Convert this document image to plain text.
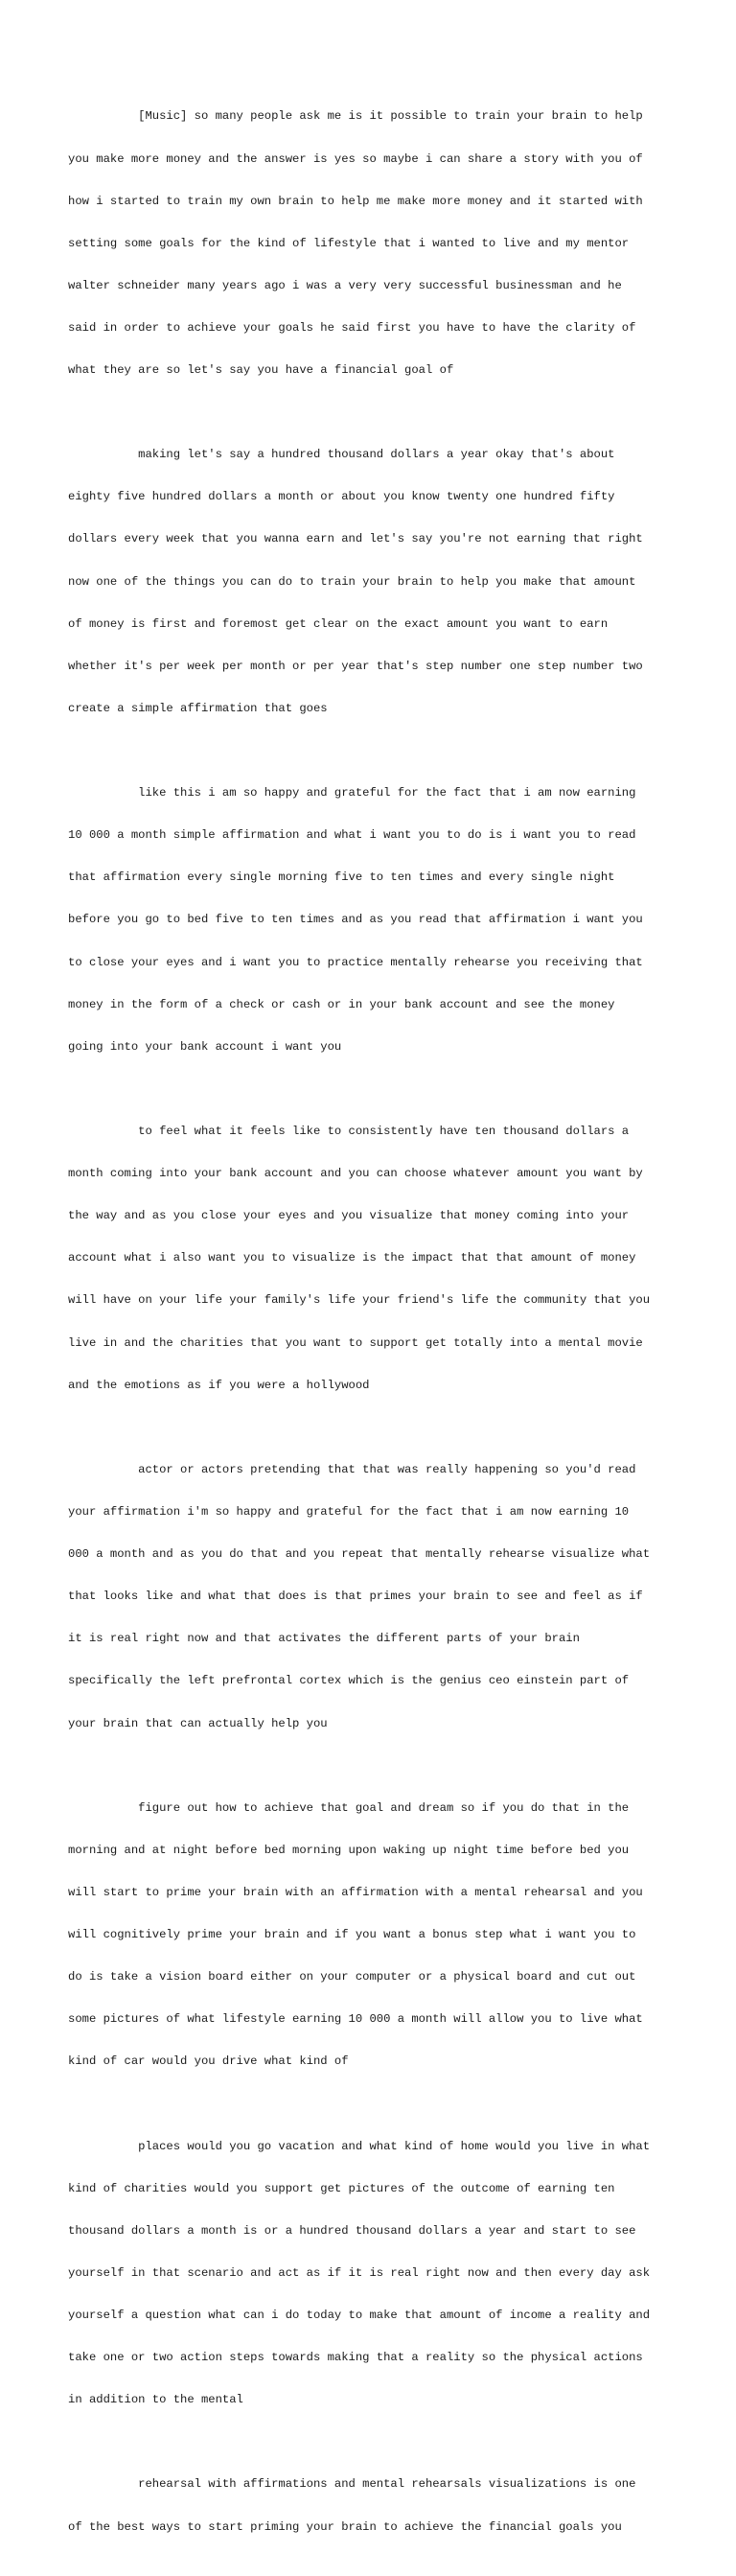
[Music] so many people ask me is it possible to train your brain to help

you make more money and the answer is yes so maybe i can share a story with you of

how i started to train my own brain to help me make more money and it started with

setting some goals for the kind of lifestyle that i wanted to live and my mentor

walter schneider many years ago i was a very very successful businessman and he

said in order to achieve your goals he said first you have to have the clarity of

what they are so let's say you have a financial goal of

making let's say a hundred thousand dollars a year okay that's about

eighty five hundred dollars a month or about you know twenty one hundred fifty

dollars every week that you wanna earn and let's say you're not earning that right

now one of the things you can do to train your brain to help you make that amount

of money is first and foremost get clear on the exact amount you want to earn

whether it's per week per month or per year that's step number one step number two

create a simple affirmation that goes

like this i am so happy and grateful for the fact that i am now earning

10 000 a month simple affirmation and what i want you to do is i want you to read

that affirmation every single morning five to ten times and every single night

before you go to bed five to ten times and as you read that affirmation i want you

to close your eyes and i want you to practice mentally rehearse you receiving that

money in the form of a check or cash or in your bank account and see the money

going into your bank account i want you

to feel what it feels like to consistently have ten thousand dollars a

month coming into your bank account and you can choose whatever amount you want by

the way and as you close your eyes and you visualize that money coming into your

account what i also want you to visualize is the impact that that amount of money

will have on your life your family's life your friend's life the community that you

live in and the charities that you want to support get totally into a mental movie

and the emotions as if you were a hollywood

actor or actors pretending that that was really happening so you'd read

your affirmation i'm so happy and grateful for the fact that i am now earning 10

000 a month and as you do that and you repeat that mentally rehearse visualize what

that looks like and what that does is that primes your brain to see and feel as if

it is real right now and that activates the different parts of your brain

specifically the left prefrontal cortex which is the genius ceo einstein part of

your brain that can actually help you

figure out how to achieve that goal and dream so if you do that in the

morning and at night before bed morning upon waking up night time before bed you

will start to prime your brain with an affirmation with a mental rehearsal and you

will cognitively prime your brain and if you want a bonus step what i want you to

do is take a vision board either on your computer or a physical board and cut out

some pictures of what lifestyle earning 10 000 a month will allow you to live what

kind of car would you drive what kind of

places would you go vacation and what kind of home would you live in what

kind of charities would you support get pictures of the outcome of earning ten

thousand dollars a month is or a hundred thousand dollars a year and start to see

yourself in that scenario and act as if it is real right now and then every day ask

yourself a question what can i do today to make that amount of income a reality and

take one or two action steps towards making that a reality so the physical actions

in addition to the mental

rehearsal with affirmations and mental rehearsals visualizations is one

of the best ways to start priming your brain to achieve the financial goals you
